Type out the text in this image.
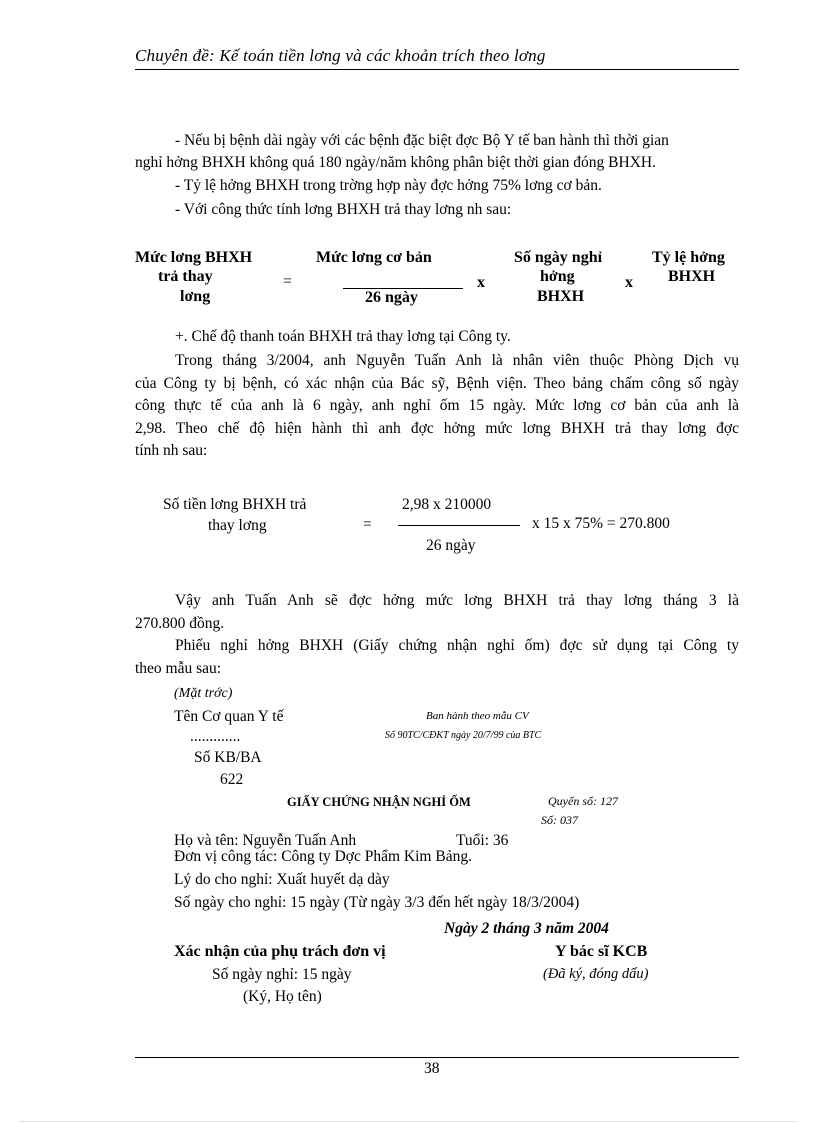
Chuyên đề: Kế toán tiền lơng và các khoản trích theo lơng
- Nếu bị bệnh dài ngày với các bệnh đặc biệt đợc Bộ Y tế ban hành thì thời gian
nghỉ hởng BHXH không quá 180 ngày/năm không phân biệt thời gian đóng BHXH.
- Tỷ lệ hởng BHXH trong trờng hợp này đợc hởng 75% lơng cơ bản.
- Với công thức tính lơng BHXH trả thay lơng nh sau:
Mức lơng BHXH
trả thay
lơng
=
Mức lơng cơ bản
26 ngày
x
Số ngày nghỉ
hởng
BHXH
x
Tỷ lệ hởng
BHXH
+. Chế độ thanh toán BHXH trả thay lơng tại Công ty.
Trong tháng 3/2004, anh Nguyễn Tuấn Anh là nhân viên thuộc Phòng Dịch vụ
của Công ty bị bệnh, có xác nhận của Bác sỹ, Bệnh viện. Theo bảng chấm công số ngày
công thực tế của anh là 6 ngày, anh nghỉ ốm 15 ngày. Mức lơng cơ bản của anh là
2,98. Theo chế độ hiện hành thì anh đợc hởng mức lơng BHXH trả thay lơng đợc
tính nh sau:
Số tiền lơng BHXH trả
thay lơng	=
2,98 x 210000
26 ngày
x 15 x 75% = 270.800
Vậy anh Tuấn Anh sẽ đợc hởng mức lơng BHXH trả thay lơng tháng 3 là
270.800 đồng.
Phiếu nghỉ hởng BHXH (Giấy chứng nhận nghỉ ốm) đợc sử dụng tại Công ty
theo mẫu sau:
(Mặt trớc)
Tên Cơ quan Y tế	Ban hành theo mẫu CV
.............	Số 90TC/CĐKT ngày 20/7/99 của BTC
Số KB/BA
622
GIẤY CHỨNG NHẬN NGHỈ ỐM	Quyển số: 127
Số: 037
Họ và tên: Nguyễn Tuấn Anh	Tuổi: 36
Đơn vị công tác: Công ty Dợc Phẩm Kim Bảng.
Lý do cho nghỉ: Xuất huyết dạ dày
Số ngày cho nghỉ: 15 ngày (Từ ngày 3/3 đến hết ngày 18/3/2004)
Ngày 2 tháng 3 năm 2004
Xác nhận của phụ trách đơn vị	Y bác sĩ KCB
Số ngày nghỉ: 15 ngày	(Đã ký, đóng dấu)
(Ký, Họ tên)
38
